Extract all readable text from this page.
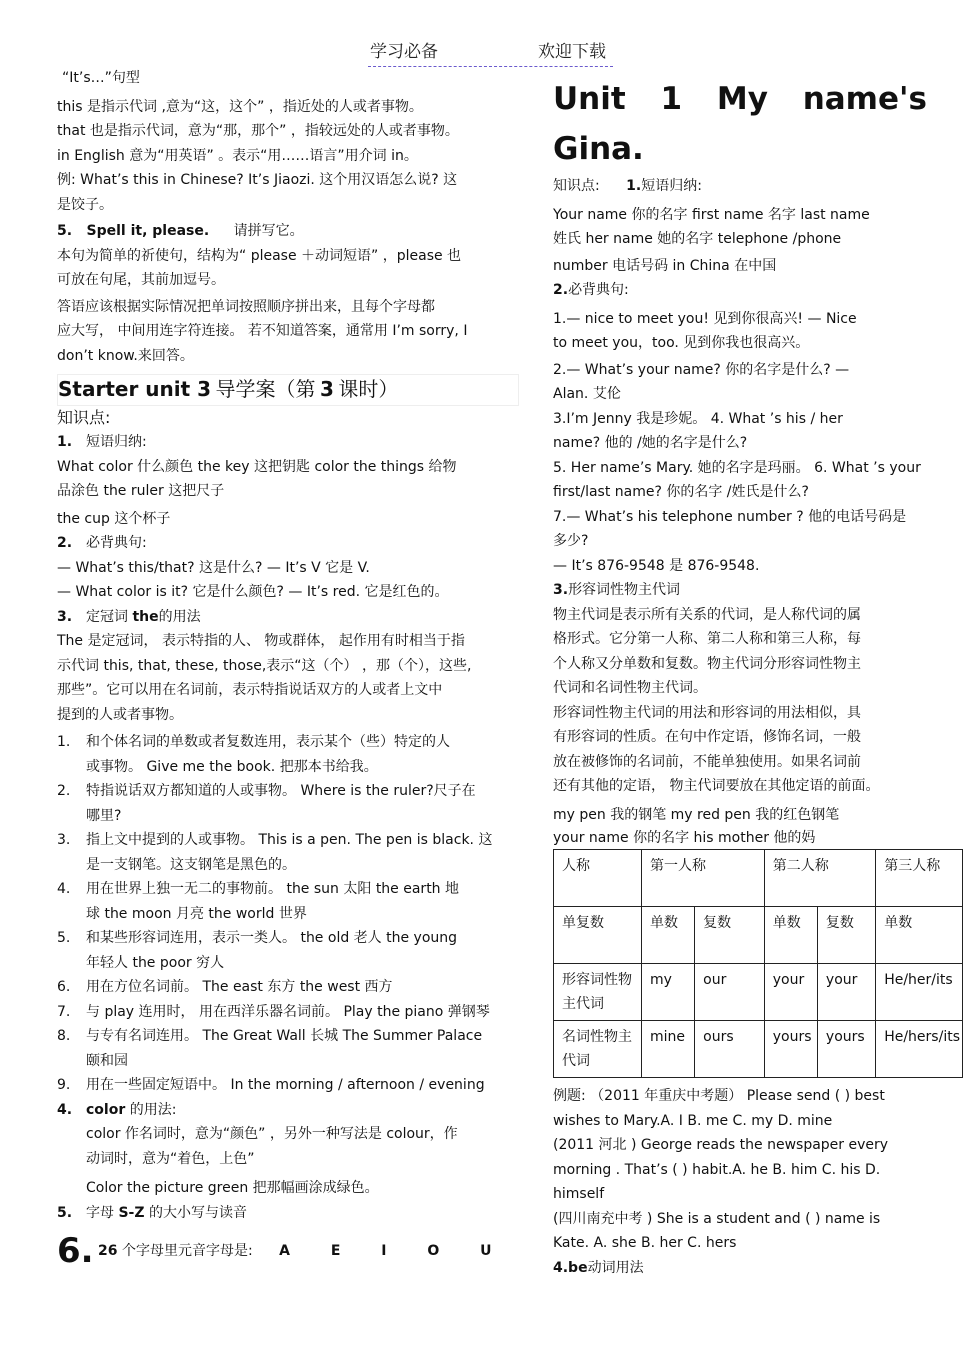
学习必备	欢迎下载

“It’s…”句型

this 是指示代词 ,意为“这，这个” ，指近处的人或者事物。

that 也是指示代词，意为“那，那个” ，指较远处的人或者事物。

in English 意为“用英语” 。表示“用……语言”用介词 in。

例: What’s this in Chinese? It’s Jiaozi. 这个用汉语怎么说? 这

是饺子。

5. Spell it, please. 请拼写它。

本句为简单的祈使句，结构为“ please ＋动词短语” ，please 也

可放在句尾，其前加逗号。

答语应该根据实际情况把单词按照顺序拼出来，且每个字母都

应大写， 中间用连字符连接。 若不知道答案，通常用 I’m sorry, I

don’t know.来回答。

Starter unit 3 导学案（第 3 课时）

知识点:

1. 短语归纳:

What color 什么颜色 the key 这把钥匙 color the things 给物

品涂色 the ruler 这把尺子

the cup 这个杯子

2. 必背典句:

— What’s this/that? 这是什么? — It’s V 它是 V.

— What color is it? 它是什么颜色? — It’s red. 它是红色的。

3. 定冠词 the的用法

The 是定冠词， 表示特指的人、 物或群体， 起作用有时相当于指

示代词 this, that, these, those,表示“这（个） ，那（个），这些,

那些”。它可以用在名词前，表示特指说话双方的人或者上文中

提到的人或者事物。

1. 和个体名词的单数或者复数连用，表示某个（些）特定的人
或事物。 Give me the book. 把那本书给我。
2. 特指说话双方都知道的人或事物。 Where is the ruler?尺子在
哪里?
3. 指上文中提到的人或事物。 This is a pen. The pen is black. 这
是一支钢笔。这支钢笔是黑色的。
4. 用在世界上独一无二的事物前。 the sun 太阳 the earth 地
球 the moon 月亮 the world 世界
5. 和某些形容词连用，表示一类人。 the old 老人 the young
年轻人 the poor 穷人
6. 用在方位名词前。 The east 东方 the west 西方
7. 与 play 连用时， 用在西洋乐器名词前。 Play the piano 弹钢琴
8. 与专有名词连用。 The Great Wall 长城 The Summer Palace
颐和园
9. 用在一些固定短语中。 In the morning / afternoon / evening
4. color 的用法:
color 作名词时，意为“颜色” ，另外一种写法是 colour，作
动词时，意为“着色，上色”
Color the picture green 把那幅画涂成绿色。
5. 字母 S-Z 的大小写与读音
6. 26 个字母里元音字母是: A E I O U
Unit 1 My name's
Gina.

知识点: 1.短语归纳:

Your name 你的名字 first name 名字 last name

姓氏 her name 她的名字 telephone /phone

number 电话号码 in China 在中国

2.必背典句:

1.— nice to meet you! 见到你很高兴! — Nice

to meet you，too. 见到你我也很高兴。

2.— What’s your name? 你的名字是什么? —

Alan. 艾伦

3.I’m Jenny 我是珍妮。 4. What ’s his / her

name? 他的 /她的名字是什么?

5. Her name’s Mary. 她的名字是玛丽。 6. What ’s your

first/last name? 你的名字 /姓氏是什么?

7.— What’s his telephone number ? 他的电话号码是

多少?

— It’s 876-9548 是 876-9548.

3.形容词性物主代词

物主代词是表示所有关系的代词，是人称代词的属

格形式。它分第一人称、第二人称和第三人称，每

个人称又分单数和复数。物主代词分形容词性物主

代词和名词性物主代词。

形容词性物主代词的用法和形容词的用法相似，具

有形容词的性质。在句中作定语，修饰名词，一般

放在被修饰的名词前，不能单独使用。如果名词前

还有其他的定语， 物主代词要放在其他定语的前面。

my pen 我的钢笔 my red pen 我的红色钢笔

your name 你的名字 his mother 他的妈

人称	第一人称		第二人称		第三人称
单复数	单数	复数	单数	复数	单数
形容词性物主代词	my	our	your	your	He/her/its
名词性物主代词	mine	ours	yours	yours	He/hers/its

例题: （2011 年重庆中考题） Please send ( ) best

wishes to Mary.A. I B. me C. my D. mine

(2011 河北 ) George reads the newspaper every

morning . That’s ( ) habit.A. he B. him C. his D.

himself

(四川南充中考 ) She is a student and ( ) name is

Kate. A. she B. her C. hers

4.be动词用法
